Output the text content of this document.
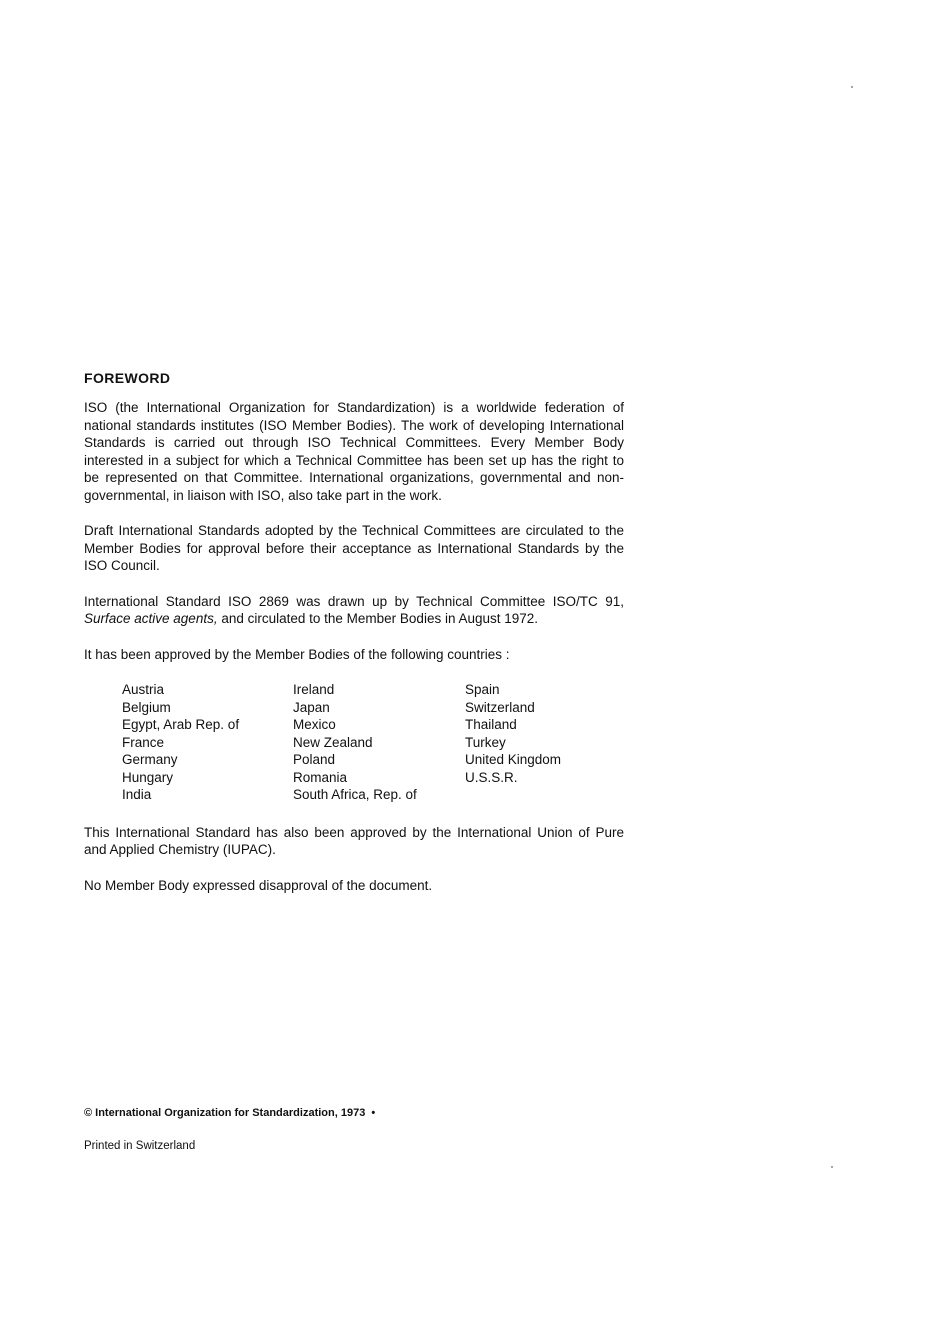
FOREWORD

ISO (the International Organization for Standardization) is a worldwide federation of national standards institutes (ISO Member Bodies). The work of developing International Standards is carried out through ISO Technical Committees. Every Member Body interested in a subject for which a Technical Committee has been set up has the right to be represented on that Committee. International organizations, governmental and non-governmental, in liaison with ISO, also take part in the work.

Draft International Standards adopted by the Technical Committees are circulated to the Member Bodies for approval before their acceptance as International Standards by the ISO Council.

International Standard ISO 2869 was drawn up by Technical Committee ISO/TC 91, Surface active agents, and circulated to the Member Bodies in August 1972.

It has been approved by the Member Bodies of the following countries :

Austria
Belgium
Egypt, Arab Rep. of
France
Germany
Hungary
India
Ireland
Japan
Mexico
New Zealand
Poland
Romania
South Africa, Rep. of
Spain
Switzerland
Thailand
Turkey
United Kingdom
U.S.S.R.

This International Standard has also been approved by the International Union of Pure and Applied Chemistry (IUPAC).

No Member Body expressed disapproval of the document.

© International Organization for Standardization, 1973 •
Printed in Switzerland
